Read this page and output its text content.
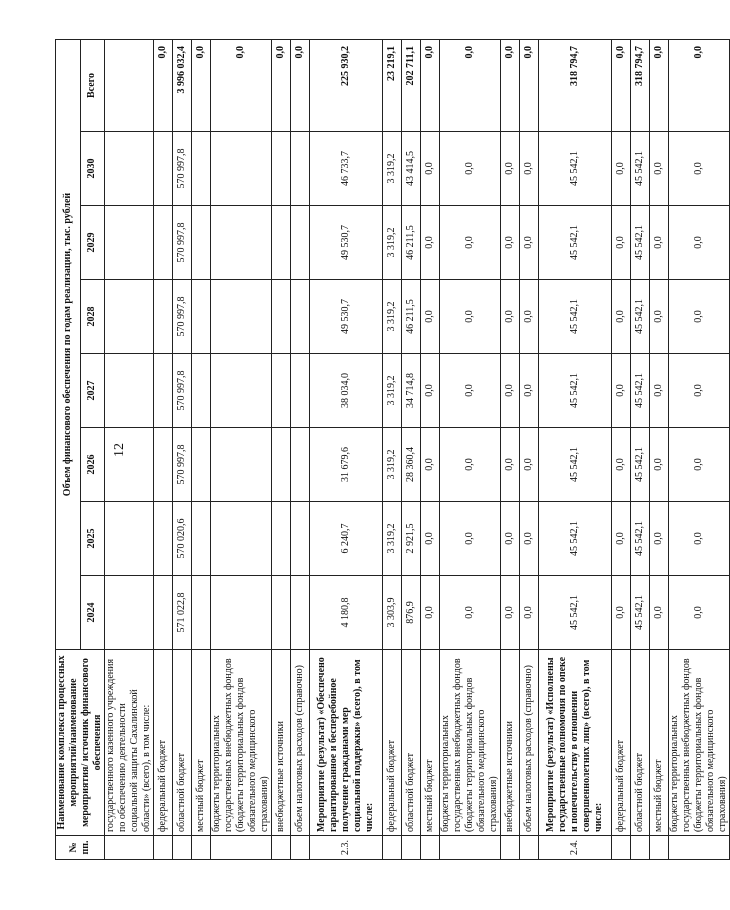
12
№ пп.	Наименование комплекса процессных мероприятий/наименование мероприятия/ источник финансового обеспечения	Объем финансового обеспечения по годам реализации, тыс. рублей							
		2024	2025	2026	2027	2028	2029	2030	Всего
	государственного казенного учреждения по обеспечению деятельности социальной защиты Сахалинской области» (всего), в том числе:								
	федеральный бюджет								0,0
	областной бюджет	571 022,8	570 020,6	570 997,8	570 997,8	570 997,8	570 997,8	570 997,8	3 996 032,4
	местный бюджет								0,0
	бюджеты территориальных государственных внебюджетных фондов (бюджеты территориальных фондов обязательного медицинского страхования)								0,0
	внебюджетные источники								0,0
	объем налоговых расходов (справочно)								0,0
2.3.	Мероприятие (результат) «Обеспечено гарантированное и бесперебойное получение гражданами мер социальной поддержки» (всего), в том числе:	4 180,8	6 240,7	31 679,6	38 034,0	49 530,7	49 530,7	46 733,7	225 930,2
	федеральный бюджет	3 303,9	3 319,2	3 319,2	3 319,2	3 319,2	3 319,2	3 319,2	23 219,1
	областной бюджет	876,9	2 921,5	28 360,4	34 714,8	46 211,5	46 211,5	43 414,5	202 711,1
	местный бюджет	0,0	0,0	0,0	0,0	0,0	0,0	0,0	0,0
	бюджеты территориальных государственных внебюджетных фондов (бюджеты территориальных фондов обязательного медицинского страхования)	0,0	0,0	0,0	0,0	0,0	0,0	0,0	0,0
	внебюджетные источники	0,0	0,0	0,0	0,0	0,0	0,0	0,0	0,0
	объем налоговых расходов (справочно)	0,0	0,0	0,0	0,0	0,0	0,0	0,0	0,0
2.4.	Мероприятие (результат) «Исполнены государственные полномочия по опеке и попечительству в отношении совершеннолетних лиц» (всего), в том числе:	45 542,1	45 542,1	45 542,1	45 542,1	45 542,1	45 542,1	45 542,1	318 794,7
	федеральный бюджет	0,0	0,0	0,0	0,0	0,0	0,0	0,0	0,0
	областной бюджет	45 542,1	45 542,1	45 542,1	45 542,1	45 542,1	45 542,1	45 542,1	318 794,7
	местный бюджет	0,0	0,0	0,0	0,0	0,0	0,0	0,0	0,0
	бюджеты территориальных государственных внебюджетных фондов (бюджеты территориальных фондов обязательного медицинского страхования)	0,0	0,0	0,0	0,0	0,0	0,0	0,0	0,0
